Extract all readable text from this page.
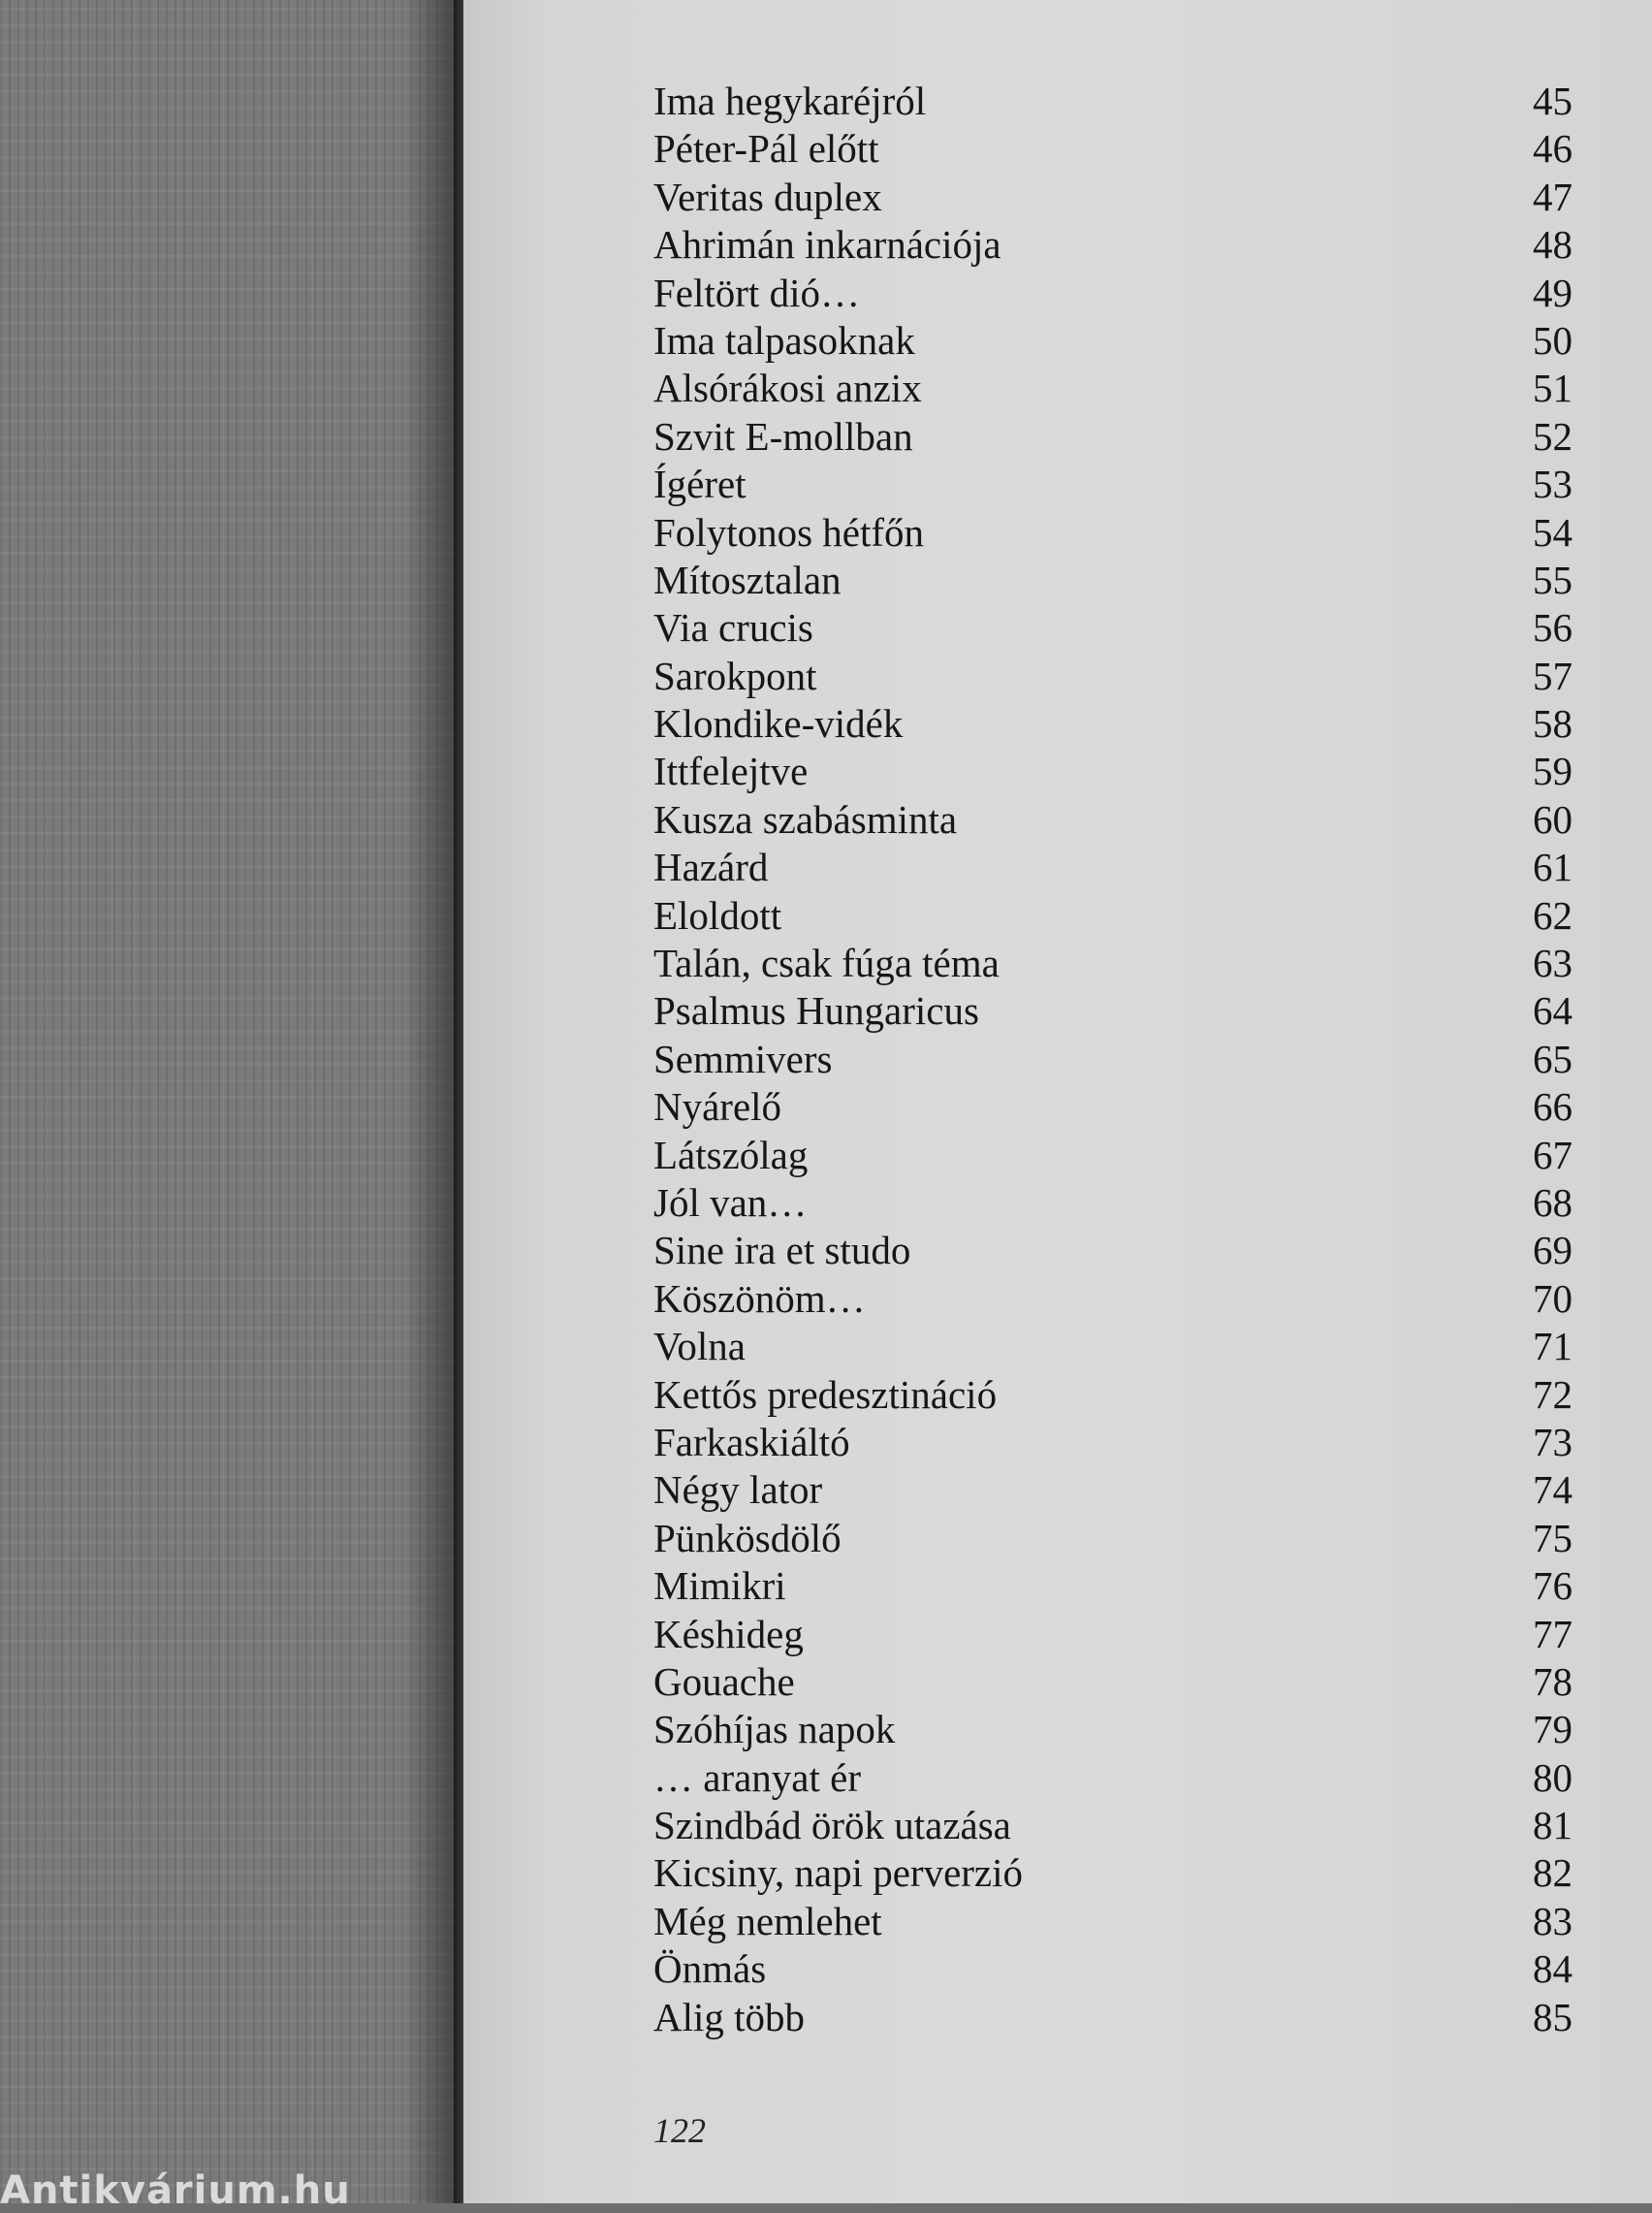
Antikvárium.hu
Ima hegykaréjról	45
Péter-Pál előtt	46
Veritas duplex	47
Ahrimán inkarnációja	48
Feltört dió…	49
Ima talpasoknak	50
Alsórákosi anzix	51
Szvit E-mollban	52
Ígéret	53
Folytonos hétfőn	54
Mítosztalan	55
Via crucis	56
Sarokpont	57
Klondike-vidék	58
Ittfelejtve	59
Kusza szabásminta	60
Hazárd	61
Eloldott	62
Talán, csak fúga téma	63
Psalmus Hungaricus	64
Semmivers	65
Nyárelő	66
Látszólag	67
Jól van…	68
Sine ira et studo	69
Köszönöm…	70
Volna	71
Kettős predesztináció	72
Farkaskiáltó	73
Négy lator	74
Pünkösdölő	75
Mimikri	76
Késhideg	77
Gouache	78
Szóhíjas napok	79
… aranyat ér	80
Szindbád örök utazása	81
Kicsiny, napi perverzió	82
Még nemlehet	83
Önmás	84
Alig több	85
122
